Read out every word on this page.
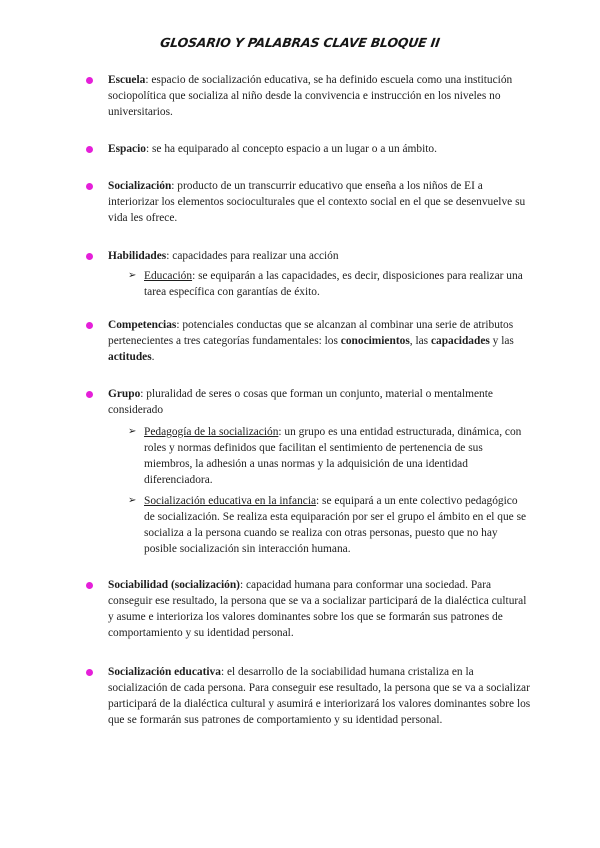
GLOSARIO Y PALABRAS CLAVE BLOQUE II
Escuela: espacio de socialización educativa, se ha definido escuela como una institución sociopolítica que socializa al niño desde la convivencia e instrucción en los niveles no universitarios.
Espacio: se ha equiparado al concepto espacio a un lugar o a un ámbito.
Socialización: producto de un transcurrir educativo que enseña a los niños de EI a interiorizar los elementos socioculturales que el contexto social en el que se desenvuelve su vida les ofrece.
Habilidades: capacidades para realizar una acción
➢ Educación: se equiparán a las capacidades, es decir, disposiciones para realizar una tarea específica con garantías de éxito.
Competencias: potenciales conductas que se alcanzan al combinar una serie de atributos pertenecientes a tres categorías fundamentales: los conocimientos, las capacidades y las actitudes.
Grupo: pluralidad de seres o cosas que forman un conjunto, material o mentalmente considerado
➢ Pedagogía de la socialización: un grupo es una entidad estructurada, dinámica, con roles y normas definidos que facilitan el sentimiento de pertenencia de sus miembros, la adhesión a unas normas y la adquisición de una identidad diferenciadora.
➢ Socialización educativa en la infancia: se equipará a un ente colectivo pedagógico de socialización. Se realiza esta equiparación por ser el grupo el ámbito en el que se socializa a la persona cuando se realiza con otras personas, puesto que no hay posible socialización sin interacción humana.
Sociabilidad (socialización): capacidad humana para conformar una sociedad. Para conseguir ese resultado, la persona que se va a socializar participará de la dialéctica cultural y asume e interioriza los valores dominantes sobre los que se formarán sus patrones de comportamiento y su identidad personal.
Socialización educativa: el desarrollo de la sociabilidad humana cristaliza en la socialización de cada persona. Para conseguir ese resultado, la persona que se va a socializar participará de la dialéctica cultural y asumirá e interiorizará los valores dominantes sobre los que se formarán sus patrones de comportamiento y su identidad personal.
